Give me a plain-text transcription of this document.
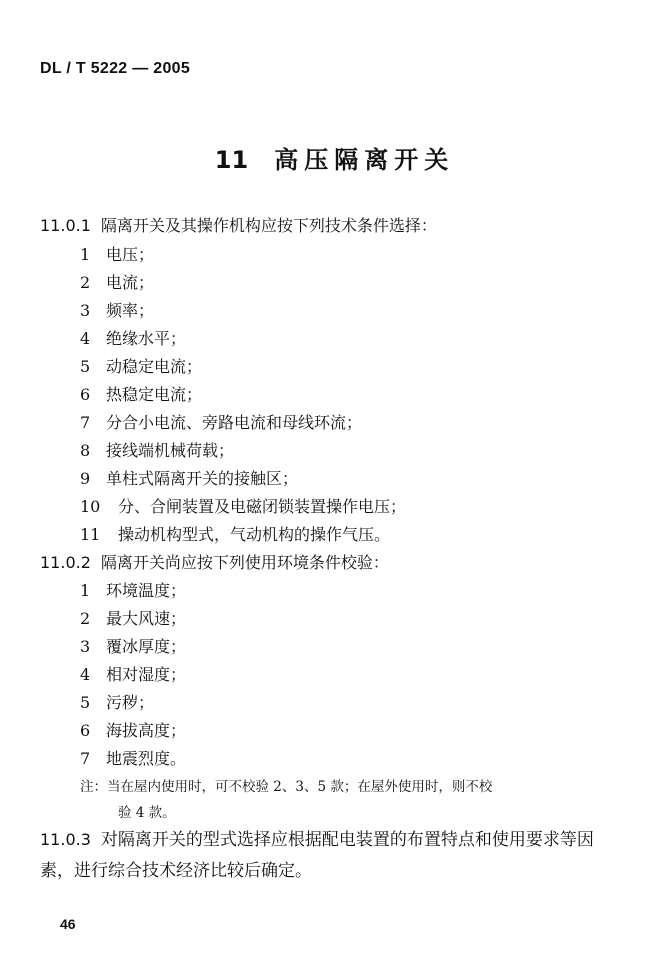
DL / T 5222 — 2005
11 高压隔离开关
11.0.1 隔离开关及其操作机构应按下列技术条件选择：
1 电压；
2 电流；
3 频率；
4 绝缘水平；
5 动稳定电流；
6 热稳定电流；
7 分合小电流、旁路电流和母线环流；
8 接线端机械荷载；
9 单柱式隔离开关的接触区；
10 分、合闸装置及电磁闭锁装置操作电压；
11 操动机构型式，气动机构的操作气压。
11.0.2 隔离开关尚应按下列使用环境条件校验：
1 环境温度；
2 最大风速；
3 覆冰厚度；
4 相对湿度；
5 污秽；
6 海拔高度；
7 地震烈度。
注：当在屋内使用时，可不校验 2、3、5 款；在屋外使用时，则不校
验 4 款。
11.0.3 对隔离开关的型式选择应根据配电装置的布置特点和使用要求等因素，进行综合技术经济比较后确定。
46
